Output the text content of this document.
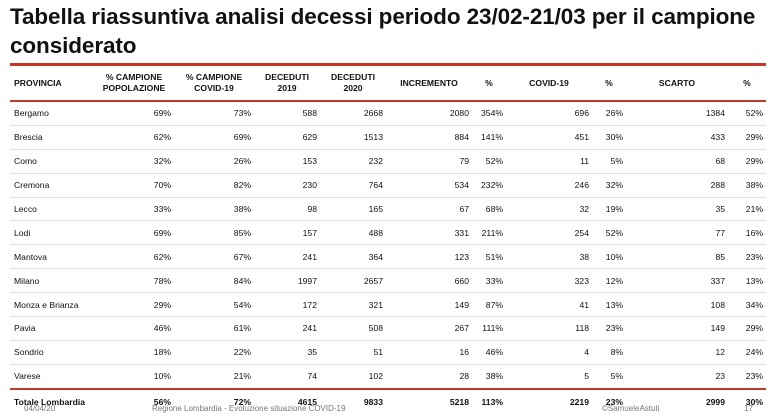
Tabella riassuntiva analisi decessi periodo 23/02-21/03 per il campione considerato

PROVINCIA	% CAMPIONE POPOLAZIONE	% CAMPIONE COVID-19	DECEDUTI 2019	DECEDUTI 2020	INCREMENTO	%	COVID-19	%	SCARTO	%
Bergamo	69%	73%	588	2668	2080	354%	696	26%	1384	52%
Brescia	62%	69%	629	1513	884	141%	451	30%	433	29%
Como	32%	26%	153	232	79	52%	11	5%	68	29%
Cremona	70%	82%	230	764	534	232%	246	32%	288	38%
Lecco	33%	38%	98	165	67	68%	32	19%	35	21%
Lodi	69%	85%	157	488	331	211%	254	52%	77	16%
Mantova	62%	67%	241	364	123	51%	38	10%	85	23%
Milano	78%	84%	1997	2657	660	33%	323	12%	337	13%
Monza e Brianza	29%	54%	172	321	149	87%	41	13%	108	34%
Pavia	46%	61%	241	508	267	111%	118	23%	149	29%
Sondrio	18%	22%	35	51	16	46%	4	8%	12	24%
Varese	10%	21%	74	102	28	38%	5	5%	23	23%
Totale Lombardia	56%	72%	4615	9833	5218	113%	2219	23%	2999	30%
04/04/20	Regione Lombardia - Evoluzione situazione COVID-19	©SamueleAstuti	17
